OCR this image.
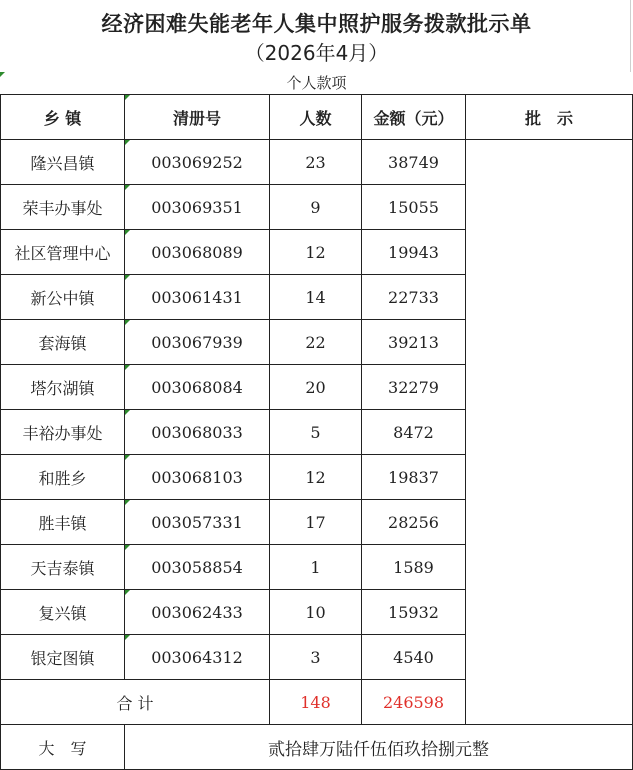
经济困难失能老年人集中照护服务拨款批示单
（2026年4月）
个人款项
乡 镇	清册号	人数	金额（元）	批　示
隆兴昌镇	003069252	23	38749	
荣丰办事处	003069351	9	15055	
社区管理中心	003068089	12	19943	
新公中镇	003061431	14	22733	
套海镇	003067939	22	39213	
塔尔湖镇	003068084	20	32279	
丰裕办事处	003068033	5	8472	
和胜乡	003068103	12	19837	
胜丰镇	003057331	17	28256	
天吉泰镇	003058854	1	1589	
复兴镇	003062433	10	15932	
银定图镇	003064312	3	4540	
合 计		148	246598	
大　写	贰拾肆万陆仟伍佰玖拾捌元整			
